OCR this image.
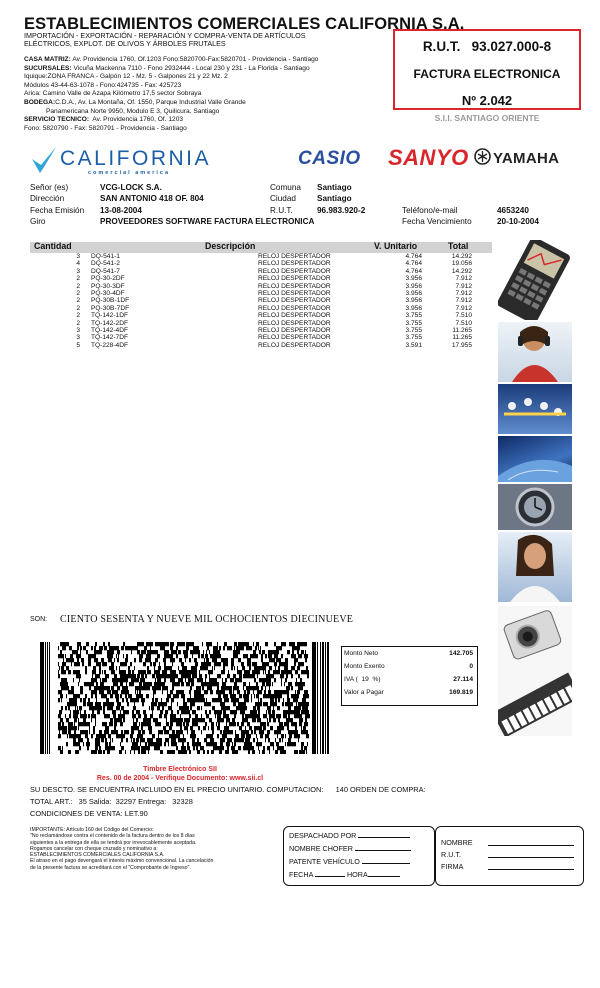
ESTABLECIMIENTOS COMERCIALES CALIFORNIA S.A.
IMPORTACIÓN - EXPORTACIÓN - REPARACIÓN Y COMPRA-VENTA DE ARTÍCULOS
ELÉCTRICOS, EXPLOT. DE OLIVOS Y ÁRBOLES FRUTALES
CASA MATRIZ: Av. Providencia 1760, Of.1203 Fono:5820700-Fax:5820701 - Providencia - Santiago
SUCURSALES: Vicuña Mackenna 7110 - Fono 2932444 - Local 230 y 231 - La Florida - Santiago
Iquique:ZONA FRANCA - Galpón 12 - Mz. 5 - Galpones 21 y 22 Mz. 2
Módulos 43-44-63-1078 - Fono:424735 - Fax: 425723
Arica: Camino Valle de Azapa Kilómetro 17,5 sector Sobraya
BODEGA:C.D.A., Av. La Montaña, Of. 1550, Parque Industrial Valle Grande
Panamericana Norte 9950, Modulo E 3, Quilicura, Santiago
SERVICIO TECNICO:  Av. Providencia 1760, Of. 1203
Fono: 5820790 - Fax: 5820791 - Providencia - Santiago
R.U.T. 93.027.000-8
FACTURA ELECTRONICA
Nº 2.042
S.I.I. SANTIAGO ORIENTE
CALIFORNIA
comercial america
CASIO SANYO YAMAHA
Señor (es)	VCG-LOCK S.A.
Dirección	SAN ANTONIO 418 OF. 804
Fecha Emisión 13-08-2004
Giro	PROVEEDORES SOFTWARE FACTURA ELECTRONICA
Comuna Santiago
Ciudad	Santiago
R.U.T.	96.983.920-2	Teléfono/e-mail	4653240
Fecha Vencimiento	20-10-2004
Cantidad	Descripción	V. Unitario	Total
3 DQ-541-1	RELOJ DESPERTADOR	4.764	14.292
4 DQ-541-2	RELOJ DESPERTADOR	4.764	19.056
3 DQ-541-7	RELOJ DESPERTADOR	4.764	14.292
2 PQ-30-2DF	RELOJ DESPERTADOR	3.956	7.912
2 PQ-30-3DF	RELOJ DESPERTADOR	3.956	7.912
2 PQ-30-4DF	RELOJ DESPERTADOR	3.956	7.912
2 PQ-30B-1DF	RELOJ DESPERTADOR	3.956	7.912
2 PQ-30B-7DF	RELOJ DESPERTADOR	3.956	7.912
2 TQ-142-1DF	RELOJ DESPERTADOR	3.755	7.510
2 TQ-142-2DF	RELOJ DESPERTADOR	3.755	7.510
3 TQ-142-4DF	RELOJ DESPERTADOR	3.755	11.265
3 TQ-142-7DF	RELOJ DESPERTADOR	3.755	11.265
5 TQ-228-4DF	RELOJ DESPERTADOR	3.591	17.955
SON: CIENTO SESENTA Y NUEVE MIL OCHOCIENTOS DIECINUEVE
Monto Neto	142.705
Monto Exento	0
IVA (  19  %)	27.114
Valor a Pagar	169.819
Timbre Electrónico SII
Res. 00 de 2004 - Verifique Documento: www.sii.cl
SU DESCTO. SE ENCUENTRA INCLUIDO EN EL PRECIO UNITARIO. COMPUTACION:      140 ORDEN DE COMPRA:
TOTAL ART.:   35 Salida:  32297 Entrega:   32328
CONDICIONES DE VENTA: LET.90
IMPORTANTE: Artículo 160 del Código del Comercio:
"No reclamándose contra el contenido de la factura dentro de los 8 días
siguientes a la entrega de ella se tendrá por irrevocablemente aceptada.
Rogamos cancelar con cheque cruzado y nominativo a:
ESTABLECIMIENTOS COMERCIALES CALIFORNIA S.A.
El atraso en el pago devengará el interés máximo convencional. La cancelación
de la presente factura se acreditará con el "Comprobante de Ingreso".
DESPACHADO POR
NOMBRE CHOFER
PATENTE VEHÍCULO
FECHA	HORA
NOMBRE
R.U.T.
FIRMA
